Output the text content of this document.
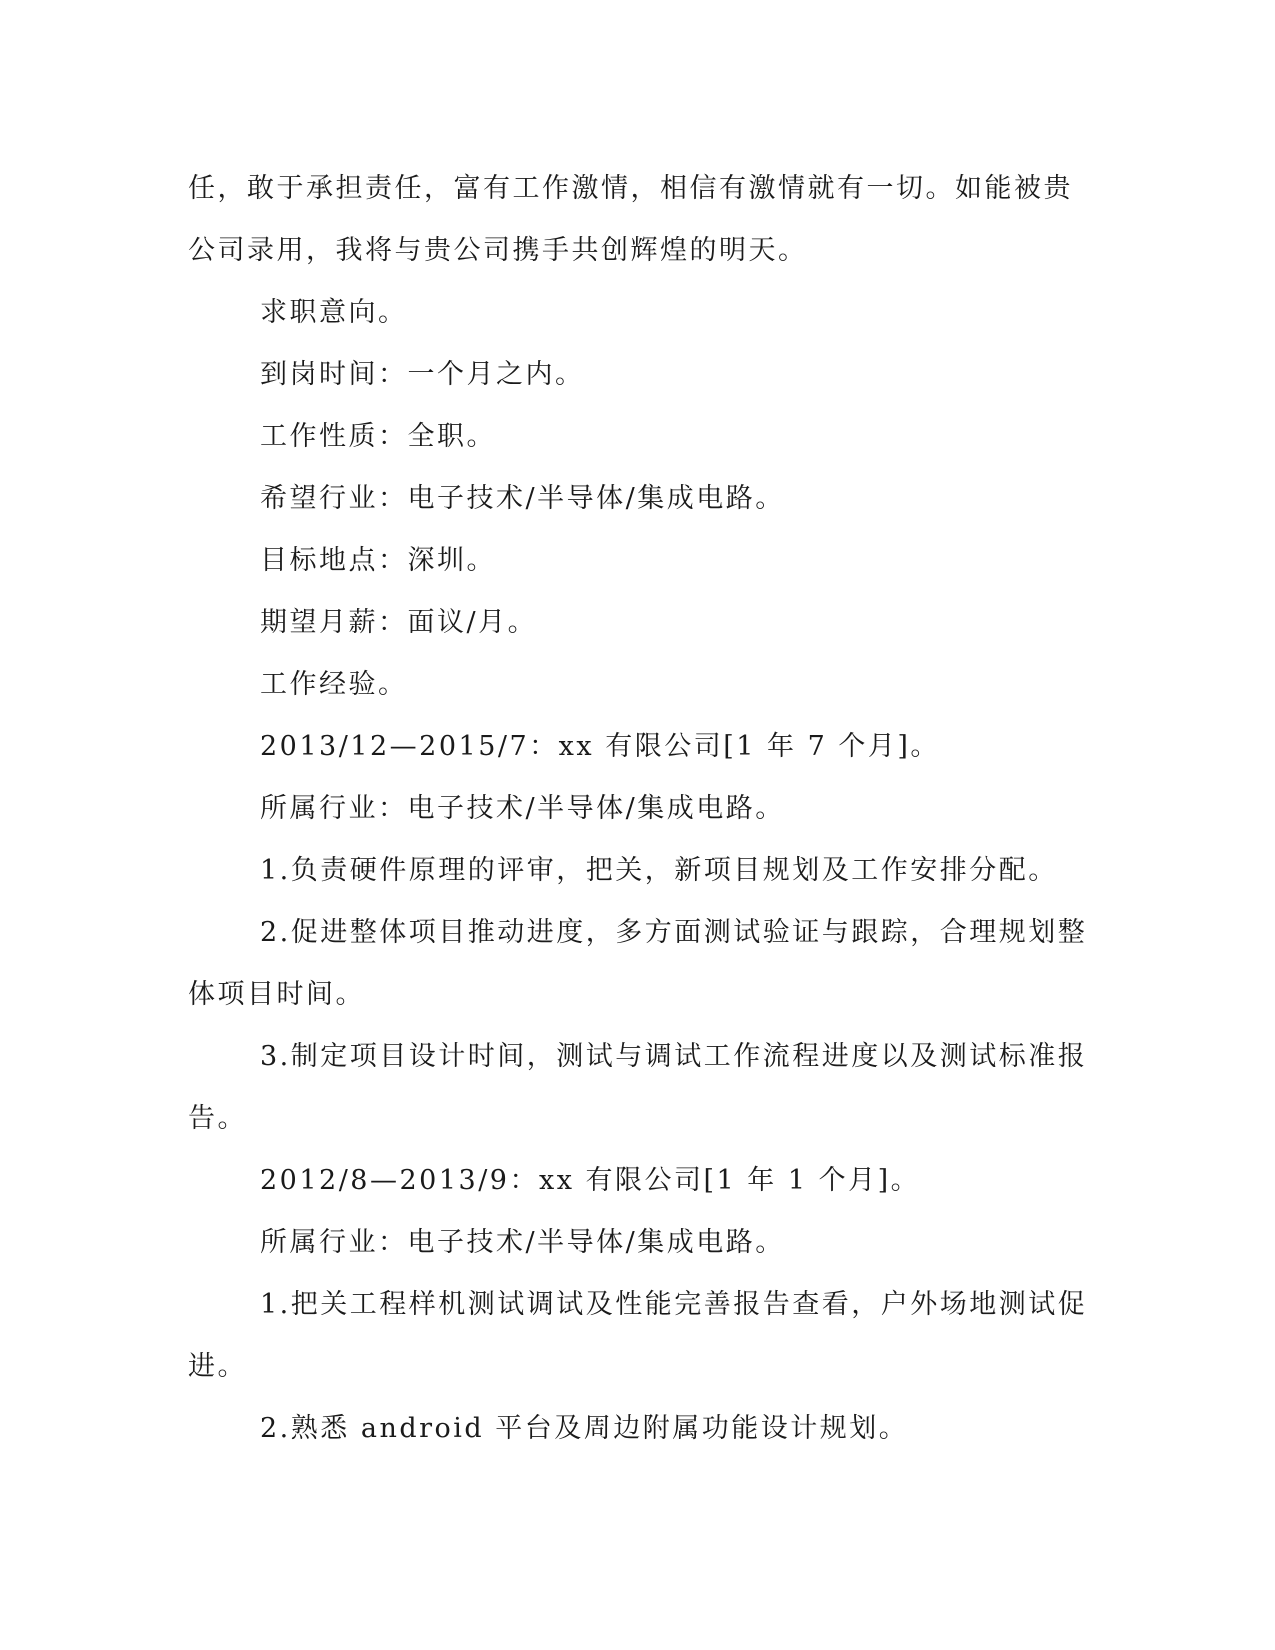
任，敢于承担责任，富有工作激情，相信有激情就有一切。如能被贵
公司录用，我将与贵公司携手共创辉煌的明天。
求职意向。
到岗时间：一个月之内。
工作性质：全职。
希望行业：电子技术/半导体/集成电路。
目标地点：深圳。
期望月薪：面议/月。
工作经验。
2013/12—2015/7：xx 有限公司[1 年 7 个月]。
所属行业：电子技术/半导体/集成电路。
1.负责硬件原理的评审，把关，新项目规划及工作安排分配。
2.促进整体项目推动进度，多方面测试验证与跟踪，合理规划整
体项目时间。
3.制定项目设计时间，测试与调试工作流程进度以及测试标准报
告。
2012/8—2013/9：xx 有限公司[1 年 1 个月]。
所属行业：电子技术/半导体/集成电路。
1.把关工程样机测试调试及性能完善报告查看，户外场地测试促
进。
2.熟悉 android 平台及周边附属功能设计规划。
